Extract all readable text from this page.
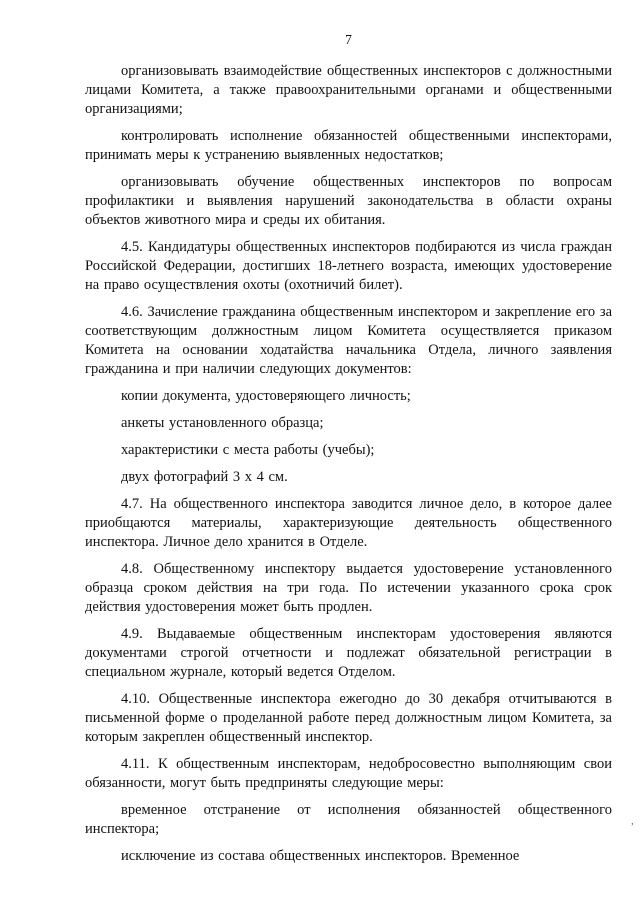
7

организовывать взаимодействие общественных инспекторов с должностными лицами Комитета, а также правоохранительными органами и общественными организациями;

контролировать исполнение обязанностей общественными инспекторами, принимать меры к устранению выявленных недостатков;

организовывать обучение общественных инспекторов по вопросам профилактики и выявления нарушений законодательства в области охраны объектов животного мира и среды их обитания.

4.5. Кандидатуры общественных инспекторов подбираются из числа граждан Российской Федерации, достигших 18-летнего возраста, имеющих удостоверение на право осуществления охоты (охотничий билет).

4.6. Зачисление гражданина общественным инспектором и закрепление его за соответствующим должностным лицом Комитета осуществляется приказом Комитета на основании ходатайства начальника Отдела, личного заявления гражданина и при наличии следующих документов:

копии документа, удостоверяющего личность;

анкеты установленного образца;

характеристики с места работы (учебы);

двух фотографий 3 х 4 см.

4.7. На общественного инспектора заводится личное дело, в которое далее приобщаются материалы, характеризующие деятельность общественного инспектора. Личное дело хранится в Отделе.

4.8. Общественному инспектору выдается удостоверение установленного образца сроком действия на три года. По истечении указанного срока срок действия удостоверения может быть продлен.

4.9. Выдаваемые общественным инспекторам удостоверения являются документами строгой отчетности и подлежат обязательной регистрации в специальном журнале, который ведется Отделом.

4.10. Общественные инспектора ежегодно до 30 декабря отчитываются в письменной форме о проделанной работе перед должностным лицом Комитета, за которым закреплен общественный инспектор.

4.11. К общественным инспекторам, недобросовестно выполняющим свои обязанности, могут быть предприняты следующие меры:

временное отстранение от исполнения обязанностей общественного инспектора;

исключение из состава общественных инспекторов. Временное

’
